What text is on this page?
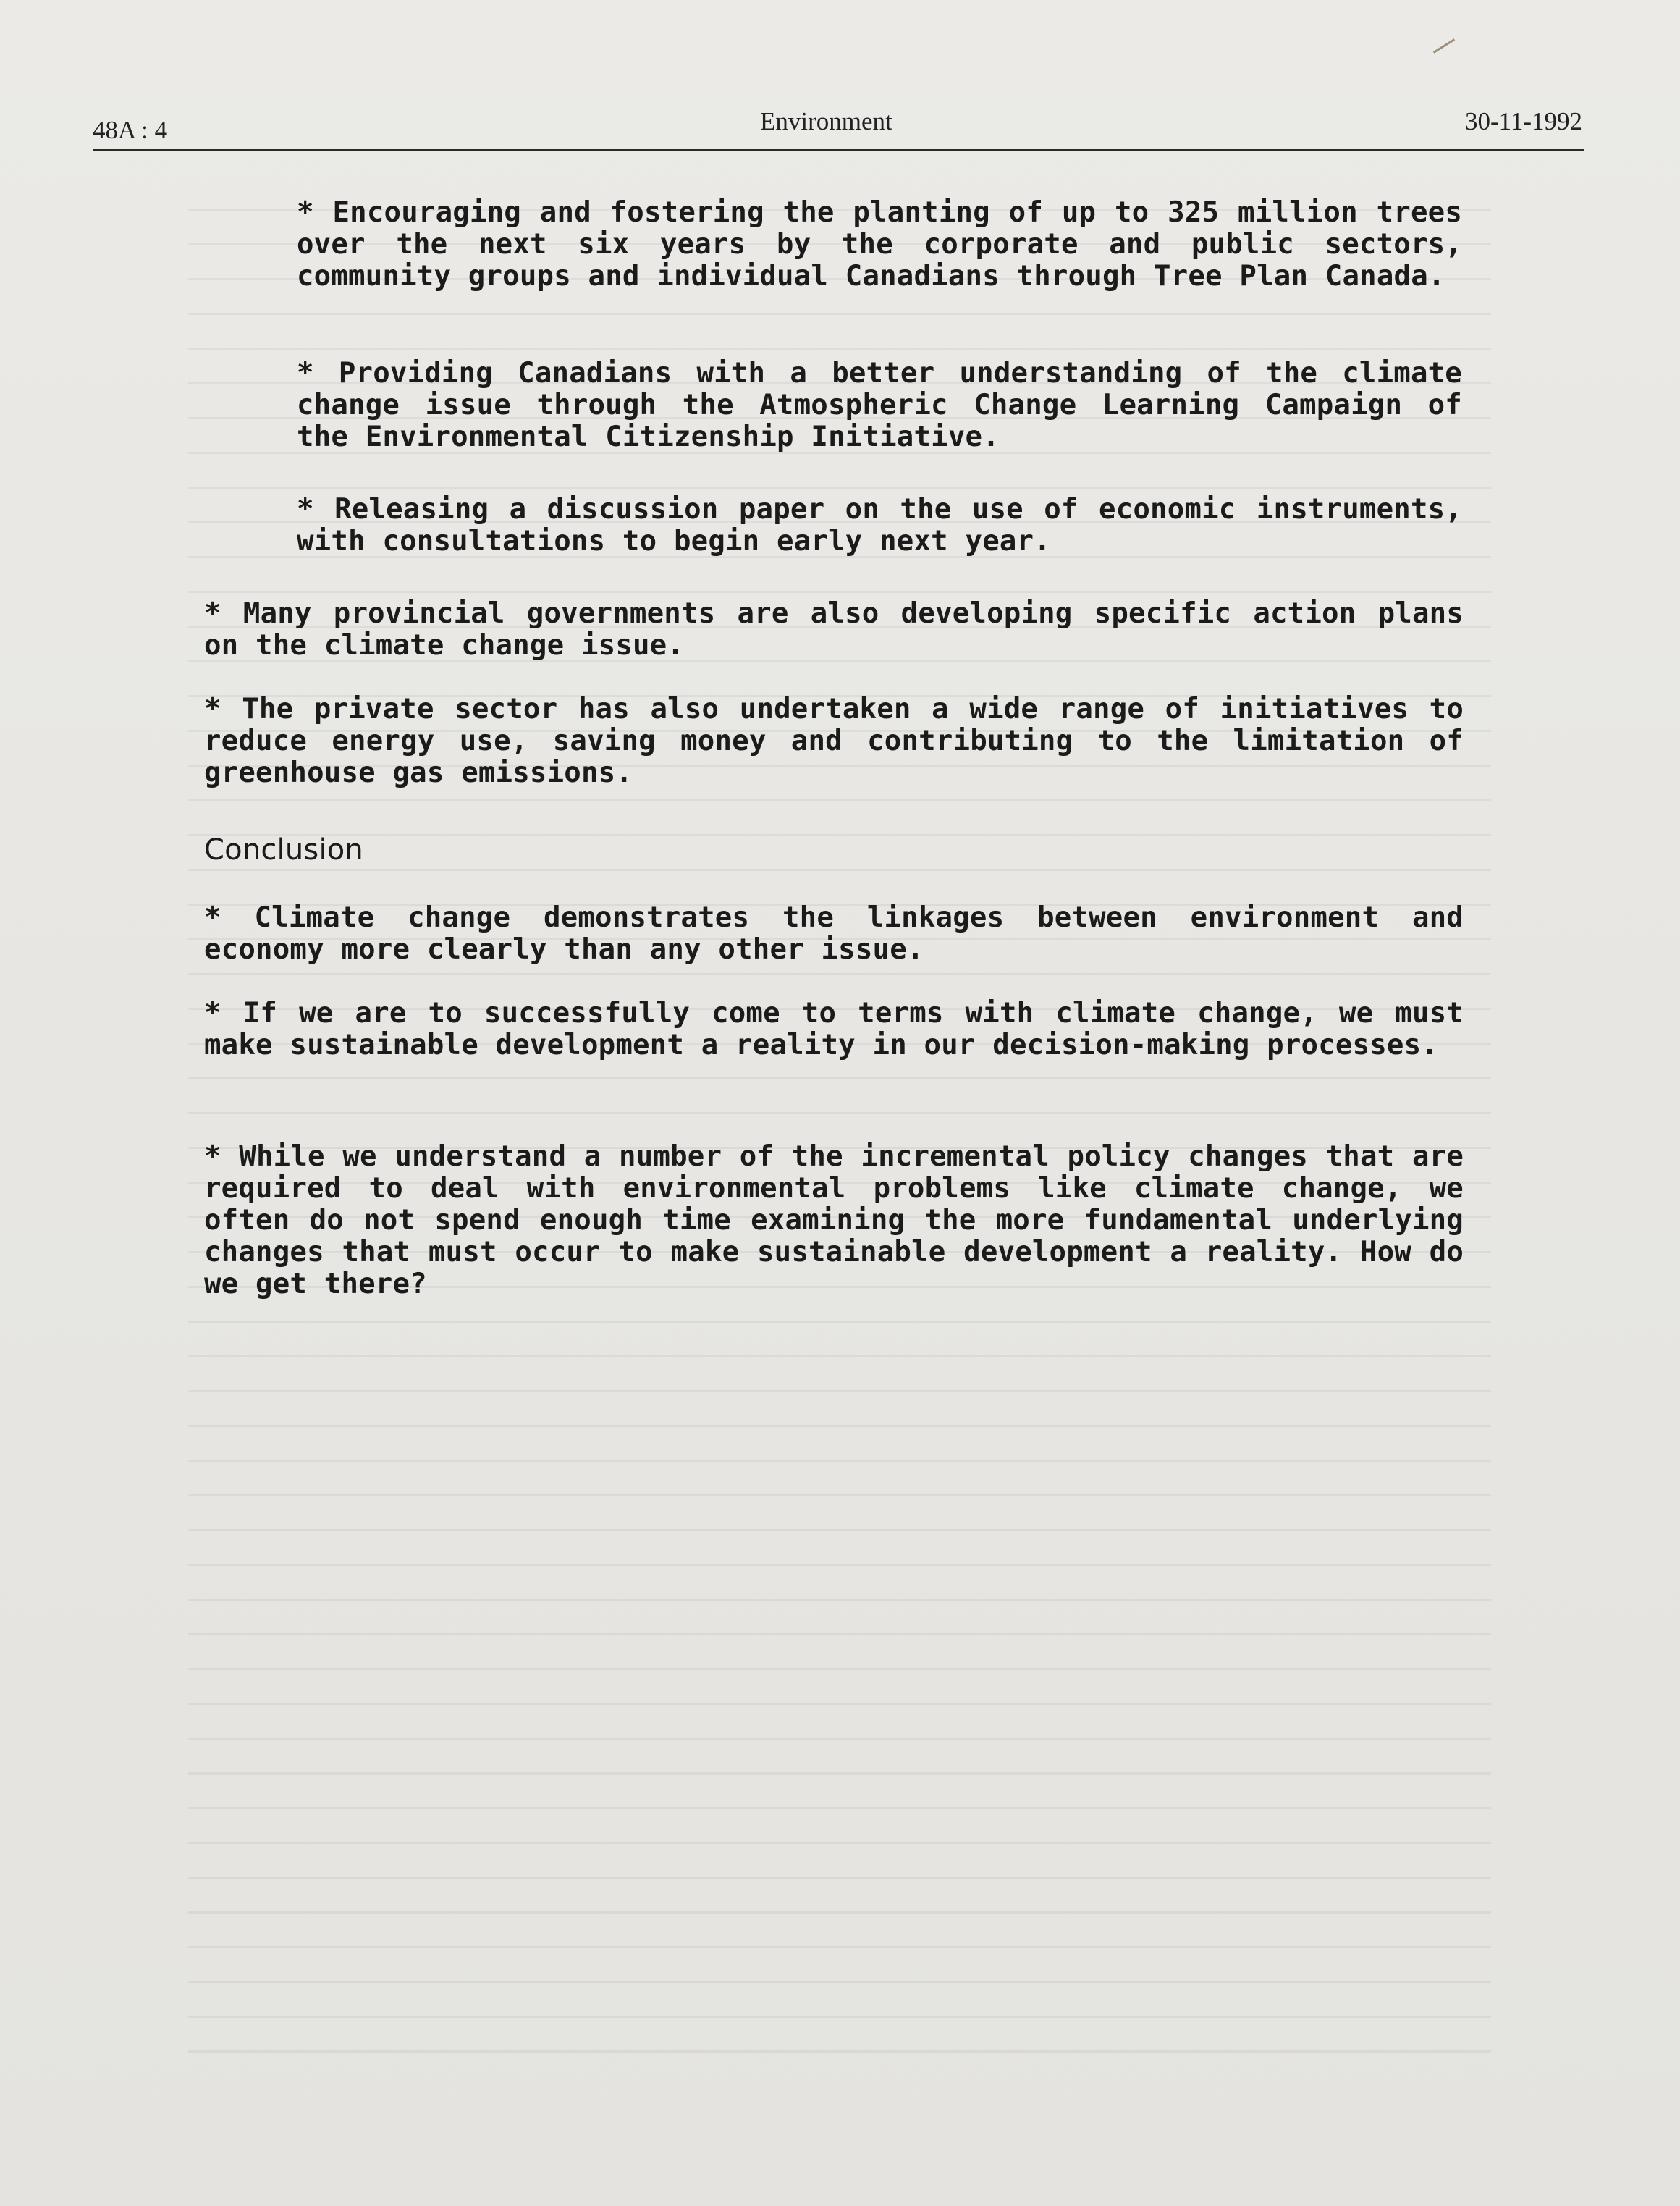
48A : 4	Environment	30-11-1992
* Encouraging and fostering the planting of up to 325 million trees over the next six years by the corporate and public sectors, community groups and individual Canadians through Tree Plan Canada.
* Providing Canadians with a better understanding of the climate change issue through the Atmospheric Change Learning Campaign of the Environmental Citizenship Initiative.
* Releasing a discussion paper on the use of economic instruments, with consultations to begin early next year.
* Many provincial governments are also developing specific action plans on the climate change issue.
* The private sector has also undertaken a wide range of initiatives to reduce energy use, saving money and contributing to the limitation of greenhouse gas emissions.
Conclusion
* Climate change demonstrates the linkages between environment and economy more clearly than any other issue.
* If we are to successfully come to terms with climate change, we must make sustainable development a reality in our decision-making processes.
* While we understand a number of the incremental policy changes that are required to deal with environmental problems like climate change, we often do not spend enough time examining the more fundamental underlying changes that must occur to make sustainable development a reality. How do we get there?
